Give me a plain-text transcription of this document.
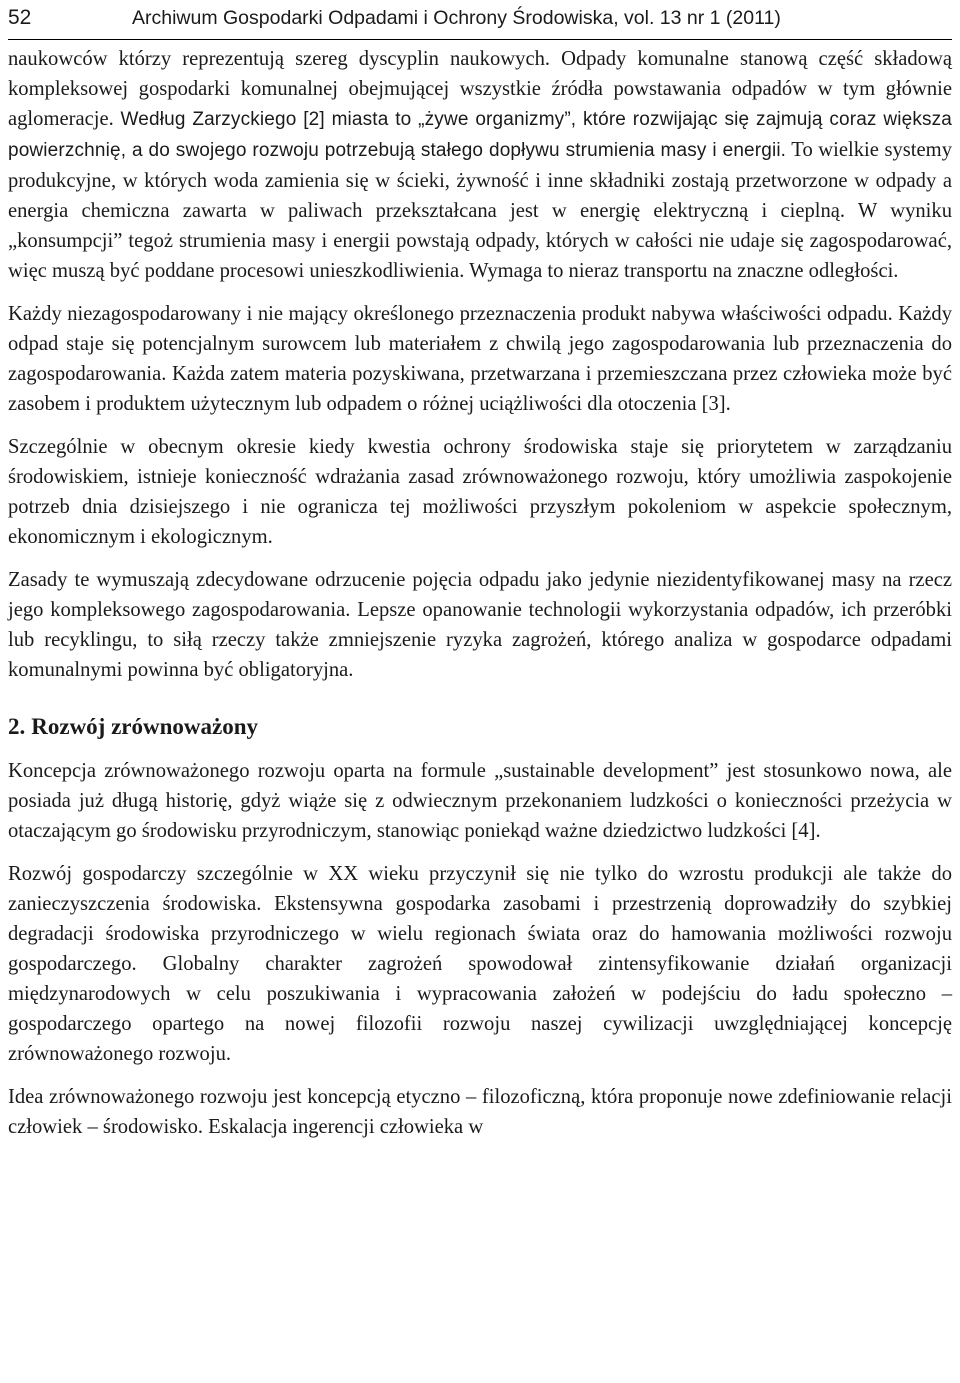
52	Archiwum Gospodarki Odpadami i Ochrony Środowiska, vol. 13 nr 1 (2011)

naukowców którzy reprezentują szereg dyscyplin naukowych. Odpady komunalne stanową część składową kompleksowej gospodarki komunalnej obejmującej wszystkie źródła powstawania odpadów w tym głównie aglomeracje. Według Zarzyckiego [2] miasta to „żywe organizmy”, które rozwijając się zajmują coraz większa powierzchnię, a do swojego rozwoju potrzebują stałego dopływu strumienia masy i energii. To wielkie systemy produkcyjne, w których woda zamienia się w ścieki, żywność i inne składniki zostają przetworzone w odpady a energia chemiczna zawarta w paliwach przekształcana jest w energię elektryczną i cieplną. W wyniku „konsumpcji” tegoż strumienia masy i energii powstają odpady, których w całości nie udaje się zagospodarować, więc muszą być poddane procesowi unieszkodliwienia. Wymaga to nieraz transportu na znaczne odległości.

Każdy niezagospodarowany i nie mający określonego przeznaczenia produkt nabywa właściwości odpadu. Każdy odpad staje się potencjalnym surowcem lub materiałem z chwilą jego zagospodarowania lub przeznaczenia do zagospodarowania. Każda zatem materia pozyskiwana, przetwarzana i przemieszczana przez człowieka może być zasobem i produktem użytecznym lub odpadem o różnej uciążliwości dla otoczenia [3].

Szczególnie w obecnym okresie kiedy kwestia ochrony środowiska staje się priorytetem w zarządzaniu środowiskiem, istnieje konieczność wdrażania zasad zrównoważonego rozwoju, który umożliwia zaspokojenie potrzeb dnia dzisiejszego i nie ogranicza tej możliwości przyszłym pokoleniom w aspekcie społecznym, ekonomicznym i ekologicznym.

Zasady te wymuszają zdecydowane odrzucenie pojęcia odpadu jako jedynie niezidentyfikowanej masy na rzecz jego kompleksowego zagospodarowania. Lepsze opanowanie technologii wykorzystania odpadów, ich przeróbki lub recyklingu, to siłą rzeczy także zmniejszenie ryzyka zagrożeń, którego analiza w gospodarce odpadami komunalnymi powinna być obligatoryjna.

2. Rozwój zrównoważony

Koncepcja zrównoważonego rozwoju oparta na formule „sustainable development” jest stosunkowo nowa, ale posiada już długą historię, gdyż wiąże się z odwiecznym przekonaniem ludzkości o konieczności przeżycia w otaczającym go środowisku przyrodniczym, stanowiąc poniekąd ważne dziedzictwo ludzkości [4].

Rozwój gospodarczy szczególnie w XX wieku przyczynił się nie tylko do wzrostu produkcji ale także do zanieczyszczenia środowiska. Ekstensywna gospodarka zasobami i przestrzenią doprowadziły do szybkiej degradacji środowiska przyrodniczego w wielu regionach świata oraz do hamowania możliwości rozwoju gospodarczego. Globalny charakter zagrożeń spowodował zintensyfikowanie działań organizacji międzynarodowych w celu poszukiwania i wypracowania założeń w podejściu do ładu społeczno – gospodarczego opartego na nowej filozofii rozwoju naszej cywilizacji uwzględniającej koncepcję zrównoważonego rozwoju.

Idea zrównoważonego rozwoju jest koncepcją etyczno – filozoficzną, która proponuje nowe zdefiniowanie relacji człowiek – środowisko. Eskalacja ingerencji człowieka w
